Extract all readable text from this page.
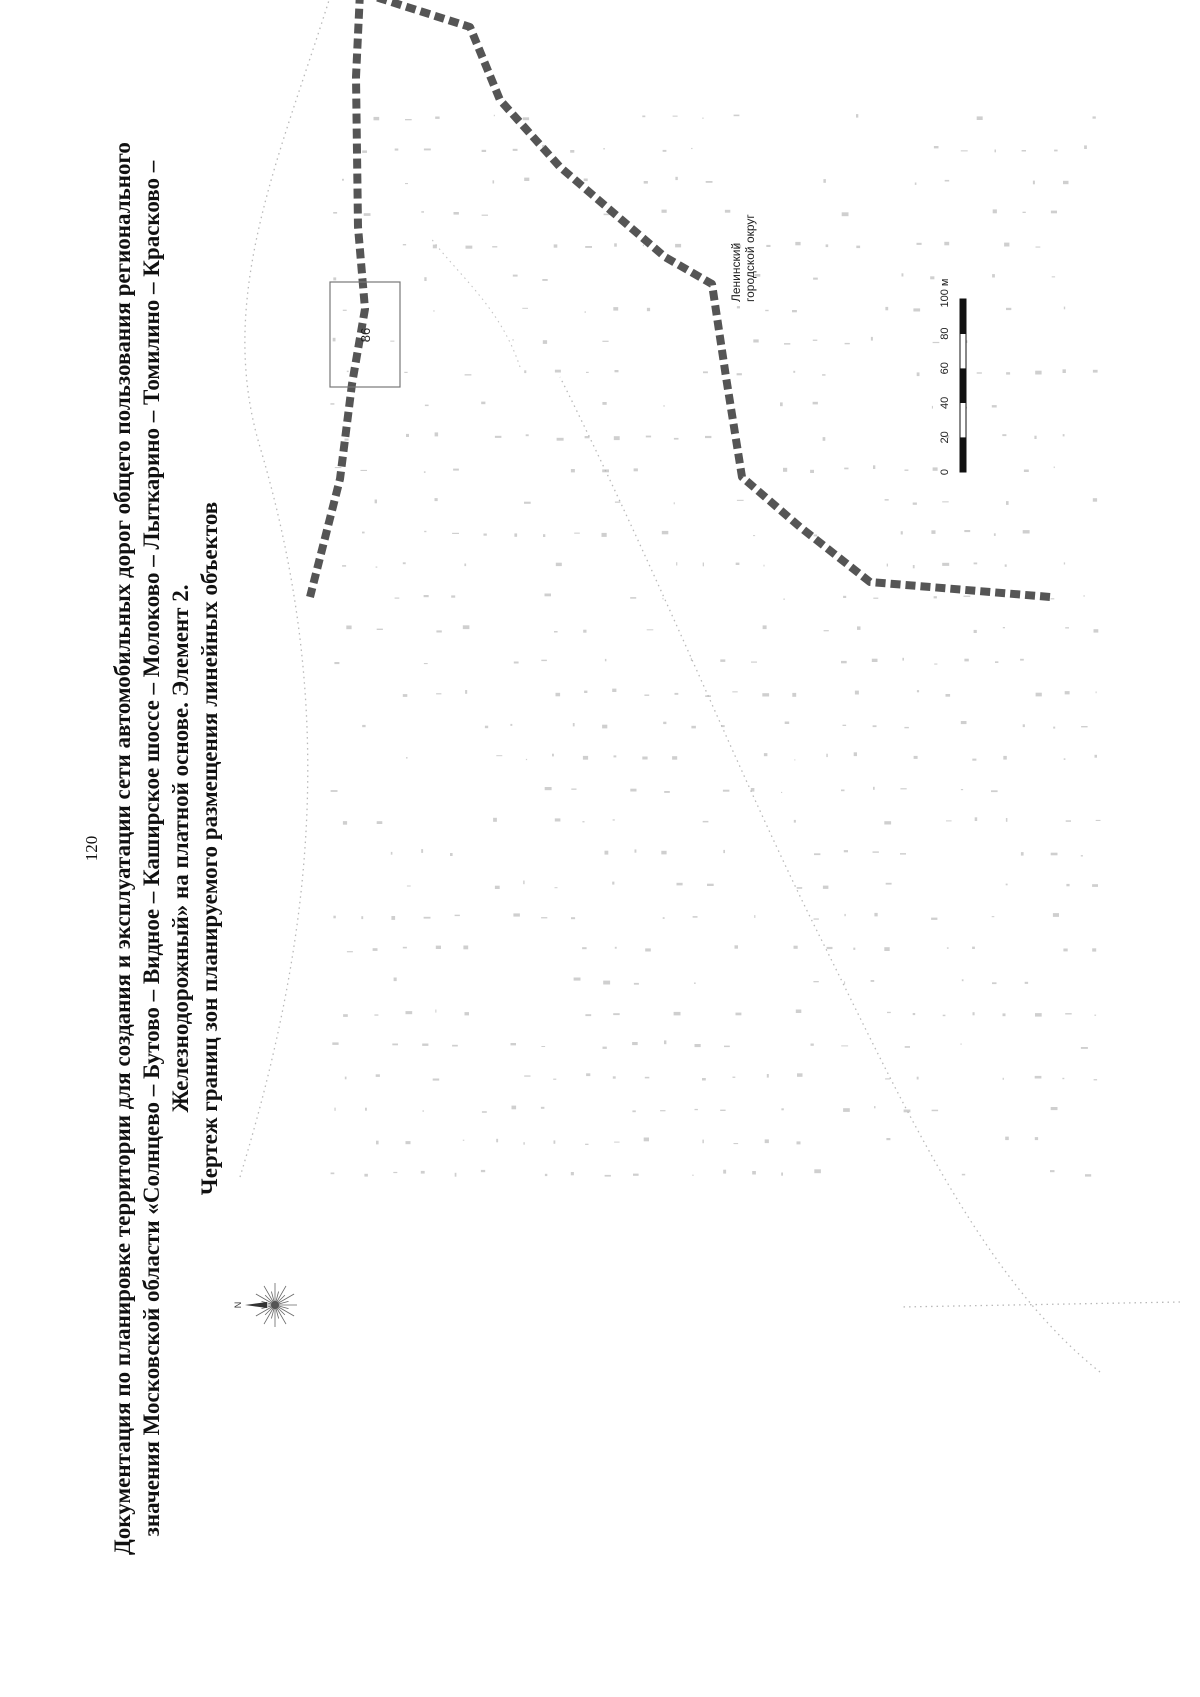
120 Документация по планировке территории для создания и эксплуатации сети автомобильных дорог общего пользования регионального значения Московской области «Солнцево – Бутово – Видное – Каширское шоссе – Молоково – Лыткарино – Томилино – Красково – Железнодорожный» на платной основе. Элемент 2. Чертеж границ зон планируемого размещения линейных объектов
86
Ленинский городской округ
0
20
40
60
80
100 м
N
